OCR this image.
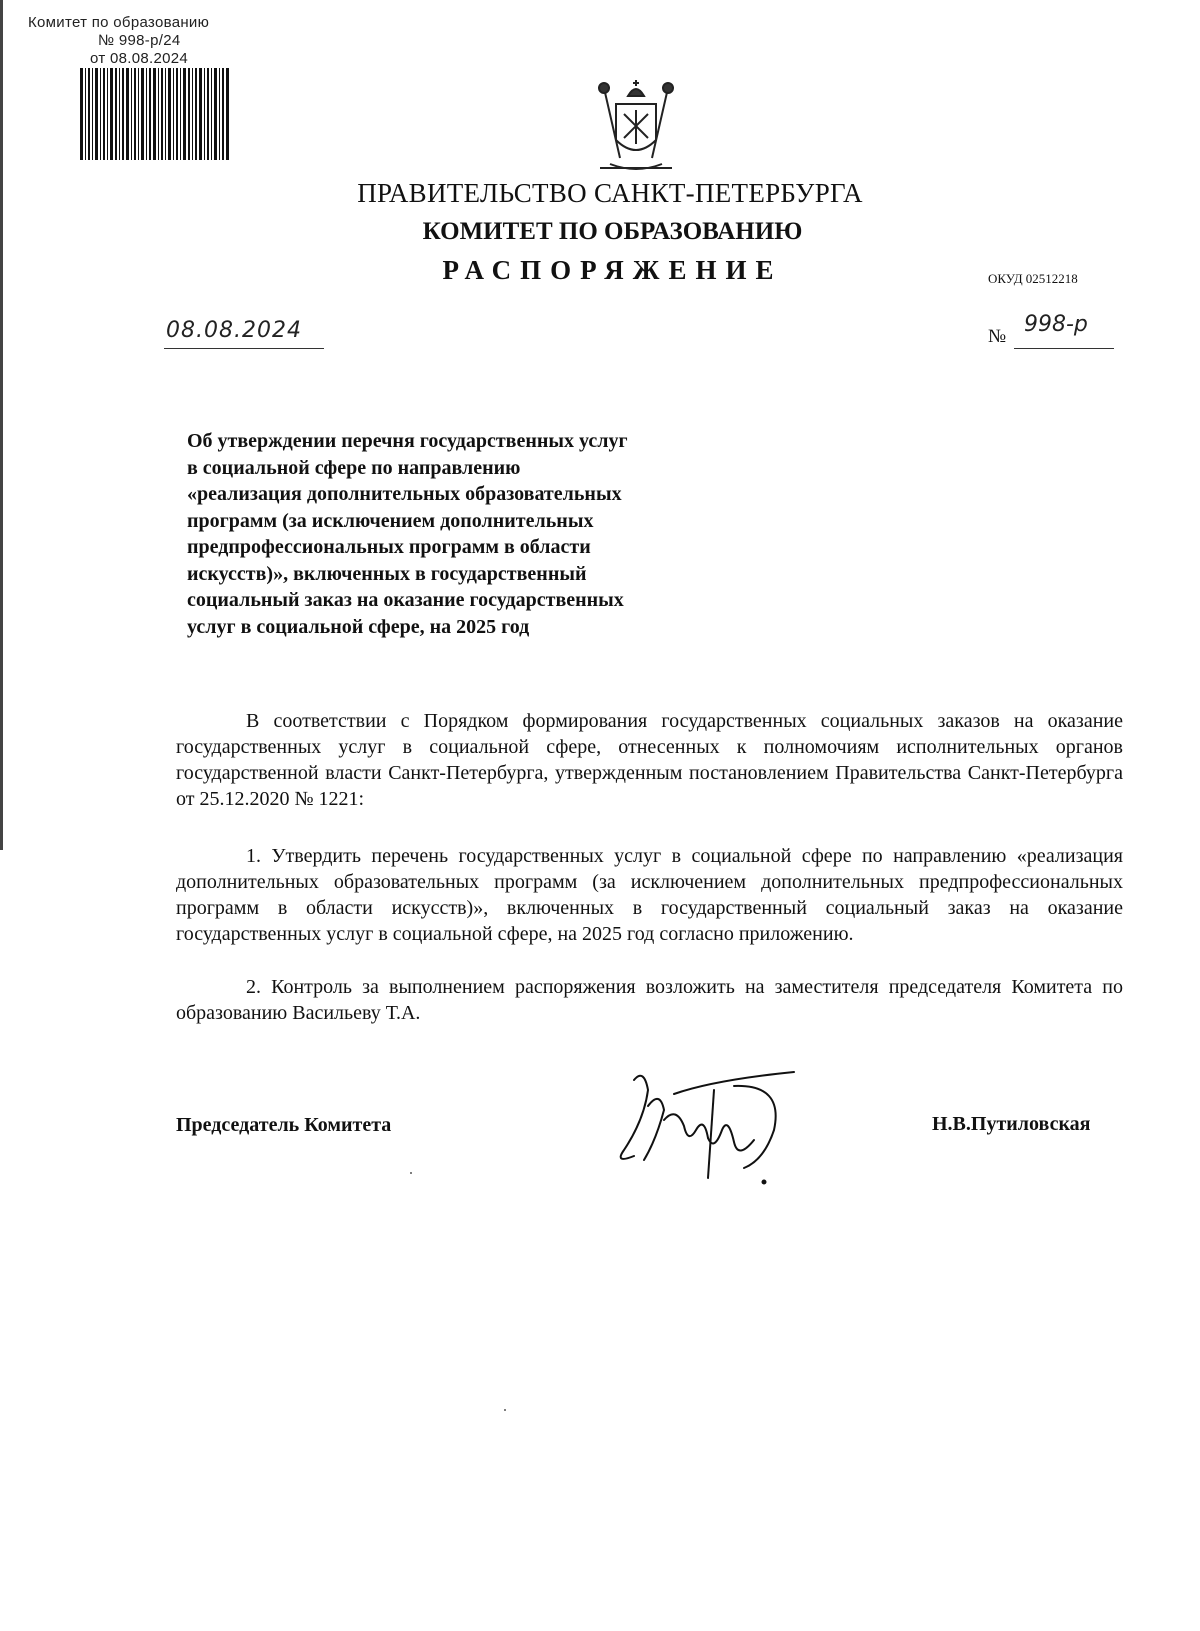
Комитет по образованию
№ 998-р/24
от 08.08.2024
ПРАВИТЕЛЬСТВО САНКТ-ПЕТЕРБУРГА
КОМИТЕТ ПО ОБРАЗОВАНИЮ
РАСПОРЯЖЕНИЕ	ОКУД 02512218
08.08.2024	№ 998-р
Об утверждении перечня государственных услуг
в социальной сфере по направлению
«реализация дополнительных образовательных
программ (за исключением дополнительных
предпрофессиональных программ в области
искусств)», включенных в государственный
социальный заказ на оказание государственных
услуг в социальной сфере, на 2025 год

В соответствии с Порядком формирования государственных социальных заказов на оказание государственных услуг в социальной сфере, отнесенных к полномочиям исполнительных органов государственной власти Санкт-Петербурга, утвержденным постановлением Правительства Санкт-Петербурга от 25.12.2020 № 1221:

1. Утвердить перечень государственных услуг в социальной сфере по направлению «реализация дополнительных образовательных программ (за исключением дополнительных предпрофессиональных программ в области искусств)», включенных в государственный социальный заказ на оказание государственных услуг в социальной сфере, на 2025 год согласно приложению.

2. Контроль за выполнением распоряжения возложить на заместителя председателя Комитета по образованию Васильеву Т.А.

Председатель Комитета	Н.В.Путиловская
